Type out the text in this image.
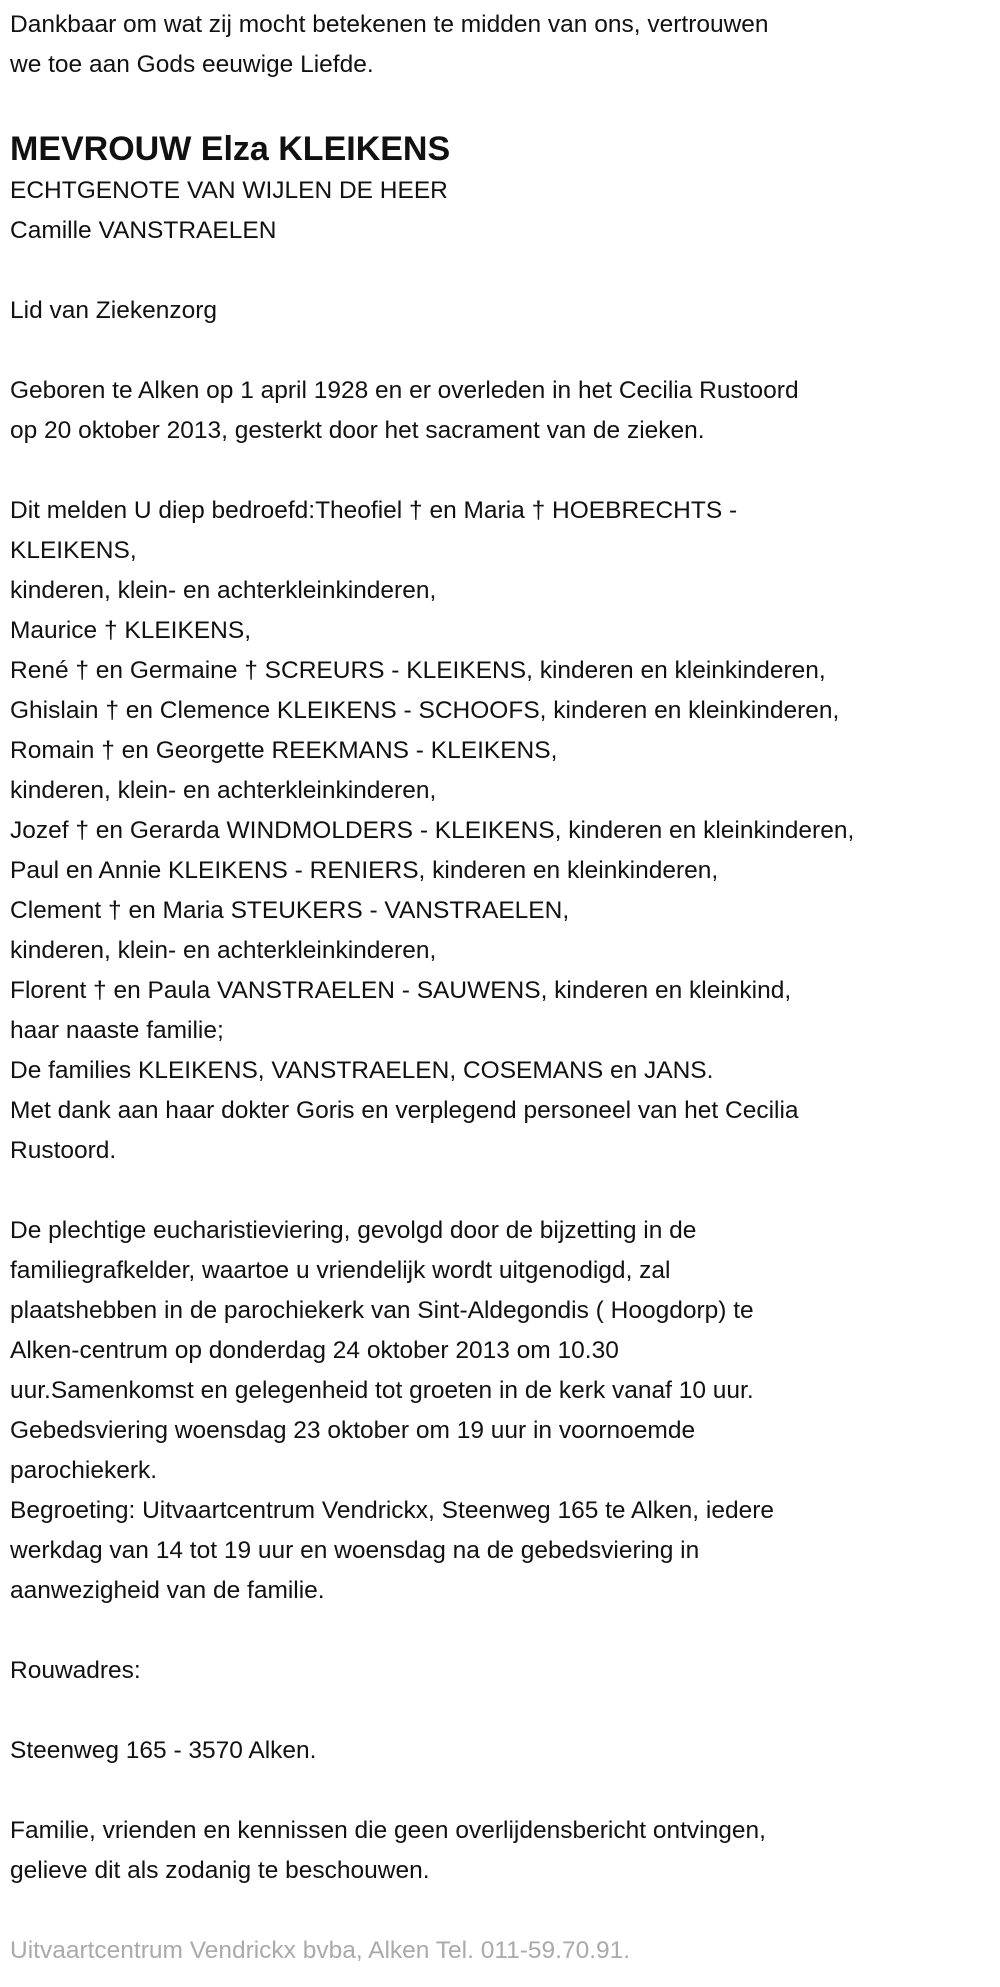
Dankbaar om wat zij mocht betekenen te midden van ons, vertrouwen
we toe aan Gods eeuwige Liefde.
MEVROUW Elza KLEIKENS
ECHTGENOTE VAN WIJLEN DE HEER
Camille VANSTRAELEN
Lid van Ziekenzorg
Geboren te Alken op 1 april 1928 en er overleden in het Cecilia Rustoord
op 20 oktober 2013, gesterkt door het sacrament van de zieken.
Dit melden U diep bedroefd:Theofiel † en Maria † HOEBRECHTS -
KLEIKENS,
kinderen, klein- en achterkleinkinderen,
Maurice † KLEIKENS,
René † en Germaine † SCREURS - KLEIKENS, kinderen en kleinkinderen,
Ghislain † en Clemence KLEIKENS - SCHOOFS, kinderen en kleinkinderen,
Romain † en Georgette REEKMANS - KLEIKENS,
kinderen, klein- en achterkleinkinderen,
Jozef † en Gerarda WINDMOLDERS - KLEIKENS, kinderen en kleinkinderen,
Paul en Annie KLEIKENS - RENIERS, kinderen en kleinkinderen,
Clement † en Maria STEUKERS - VANSTRAELEN,
kinderen, klein- en achterkleinkinderen,
Florent † en Paula VANSTRAELEN - SAUWENS, kinderen en kleinkind,
haar naaste familie;
De families KLEIKENS, VANSTRAELEN, COSEMANS en JANS.
Met dank aan haar dokter Goris en verplegend personeel van het Cecilia
Rustoord.
De plechtige eucharistieviering, gevolgd door de bijzetting in de
familiegrafkelder, waartoe u vriendelijk wordt uitgenodigd, zal
plaatshebben in de parochiekerk van Sint-Aldegondis ( Hoogdorp) te
Alken-centrum op donderdag 24 oktober 2013 om 10.30
uur.Samenkomst en gelegenheid tot groeten in de kerk vanaf 10 uur.
Gebedsviering woensdag 23 oktober om 19 uur in voornoemde
parochiekerk.
Begroeting: Uitvaartcentrum Vendrickx, Steenweg 165 te Alken, iedere
werkdag van 14 tot 19 uur en woensdag na de gebedsviering in
aanwezigheid van de familie.
Rouwadres:
Steenweg 165 - 3570 Alken.
Familie, vrienden en kennissen die geen overlijdensbericht ontvingen,
gelieve dit als zodanig te beschouwen.
Uitvaartcentrum Vendrickx bvba, Alken Tel. 011-59.70.91.
